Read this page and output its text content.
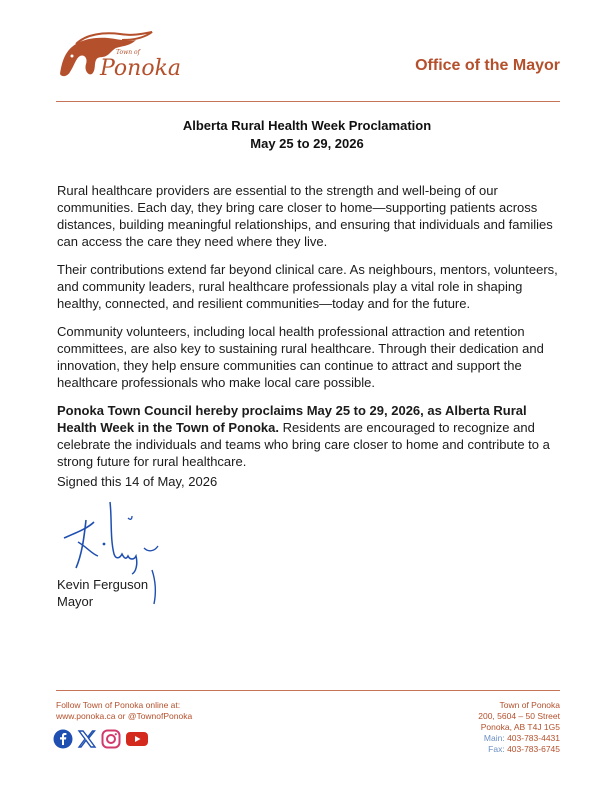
Town of
Ponoka	Office of the Mayor
Alberta Rural Health Week Proclamation
May 25 to 29, 2026

Rural healthcare providers are essential to the strength and well-being of our communities. Each day, they bring care closer to home—supporting patients across distances, building meaningful relationships, and ensuring that individuals and families can access the care they need where they live.

Their contributions extend far beyond clinical care. As neighbours, mentors, volunteers, and community leaders, rural healthcare professionals play a vital role in shaping healthy, connected, and resilient communities—today and for the future.

Community volunteers, including local health professional attraction and retention committees, are also key to sustaining rural healthcare. Through their dedication and innovation, they help ensure communities can continue to attract and support the healthcare professionals who make local care possible.

Ponoka Town Council hereby proclaims May 25 to 29, 2026, as Alberta Rural Health Week in the Town of Ponoka. Residents are encouraged to recognize and celebrate the individuals and teams who bring care closer to home and contribute to a strong future for rural healthcare.

Signed this 14 of May, 2026
Kevin Ferguson
Mayor
Follow Town of Ponoka online at:
www.ponoka.ca or @TownofPonoka
Town of Ponoka
200, 5604 – 50 Street
Ponoka, AB T4J 1G5
Main: 403-783-4431
Fax: 403-783-6745
